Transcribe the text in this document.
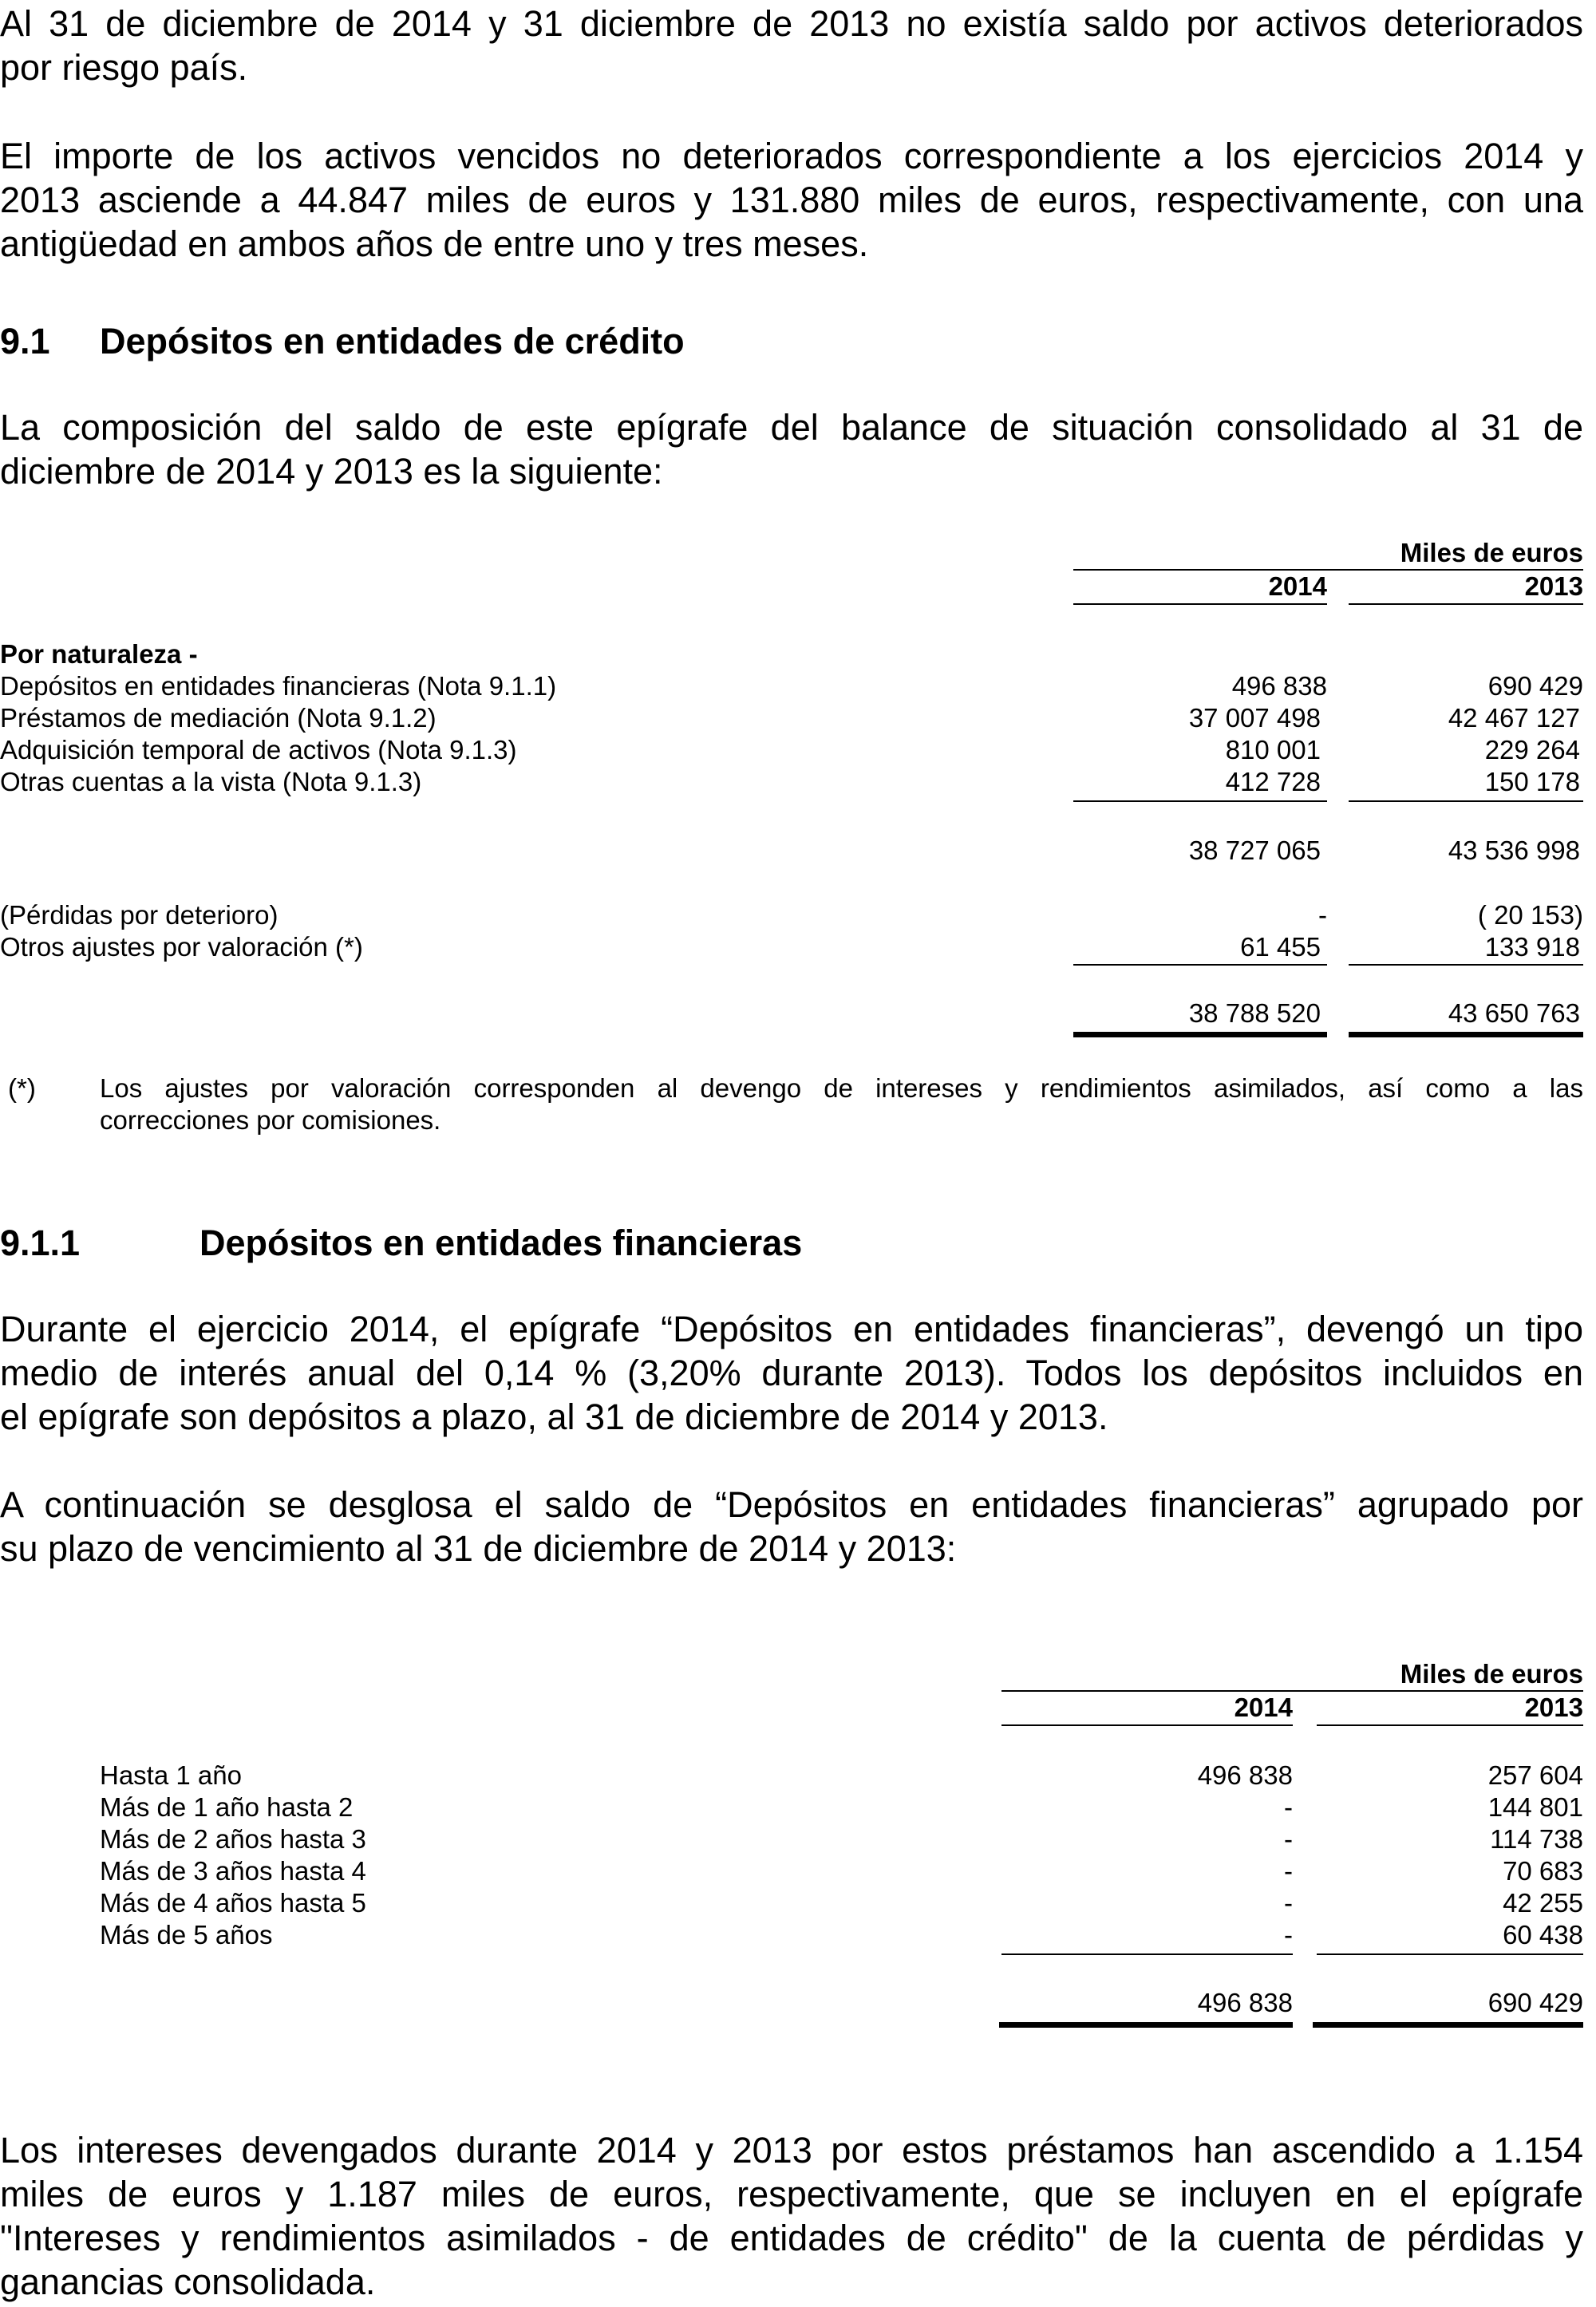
Al 31 de diciembre de 2014 y 31 diciembre de 2013 no existía saldo por activos deteriorados
por riesgo país.

El importe de los activos vencidos no deteriorados correspondiente a los ejercicios 2014 y
2013 asciende a 44.847 miles de euros y 131.880 miles de euros, respectivamente, con una
antigüedad en ambos años de entre uno y tres meses.

9.1 Depósitos en entidades de crédito

La composición del saldo de este epígrafe del balance de situación consolidado al 31 de
diciembre de 2014 y 2013 es la siguiente:

Miles de euros
2014	2013
Por naturaleza -
Depósitos en entidades financieras (Nota 9.1.1)	496 838	690 429
Préstamos de mediación (Nota 9.1.2)	37 007 498	42 467 127
Adquisición temporal de activos (Nota 9.1.3)	810 001	229 264
Otras cuentas a la vista (Nota 9.1.3)	412 728	150 178
38 727 065	43 536 998
(Pérdidas por deterioro)	-	( 20 153)
Otros ajustes por valoración (*)	61 455	133 918
38 788 520	43 650 763
(*) Los ajustes por valoración corresponden al devengo de intereses y rendimientos asimilados, así como a las
correcciones por comisiones.
9.1.1	Depósitos en entidades financieras

Durante el ejercicio 2014, el epígrafe “Depósitos en entidades financieras”, devengó un tipo
medio de interés anual del 0,14 % (3,20% durante 2013). Todos los depósitos incluidos en
el epígrafe son depósitos a plazo, al 31 de diciembre de 2014 y 2013.

A continuación se desglosa el saldo de “Depósitos en entidades financieras” agrupado por
su plazo de vencimiento al 31 de diciembre de 2014 y 2013:

Miles de euros
2014	2013
Hasta 1 año	496 838	257 604
Más de 1 año hasta 2	-	144 801
Más de 2 años hasta 3	-	114 738
Más de 3 años hasta 4	-	70 683
Más de 4 años hasta 5	-	42 255
Más de 5 años	-	60 438
496 838	690 429

Los intereses devengados durante 2014 y 2013 por estos préstamos han ascendido a 1.154
miles de euros y 1.187 miles de euros, respectivamente, que se incluyen en el epígrafe
"Intereses y rendimientos asimilados - de entidades de crédito" de la cuenta de pérdidas y
ganancias consolidada.
